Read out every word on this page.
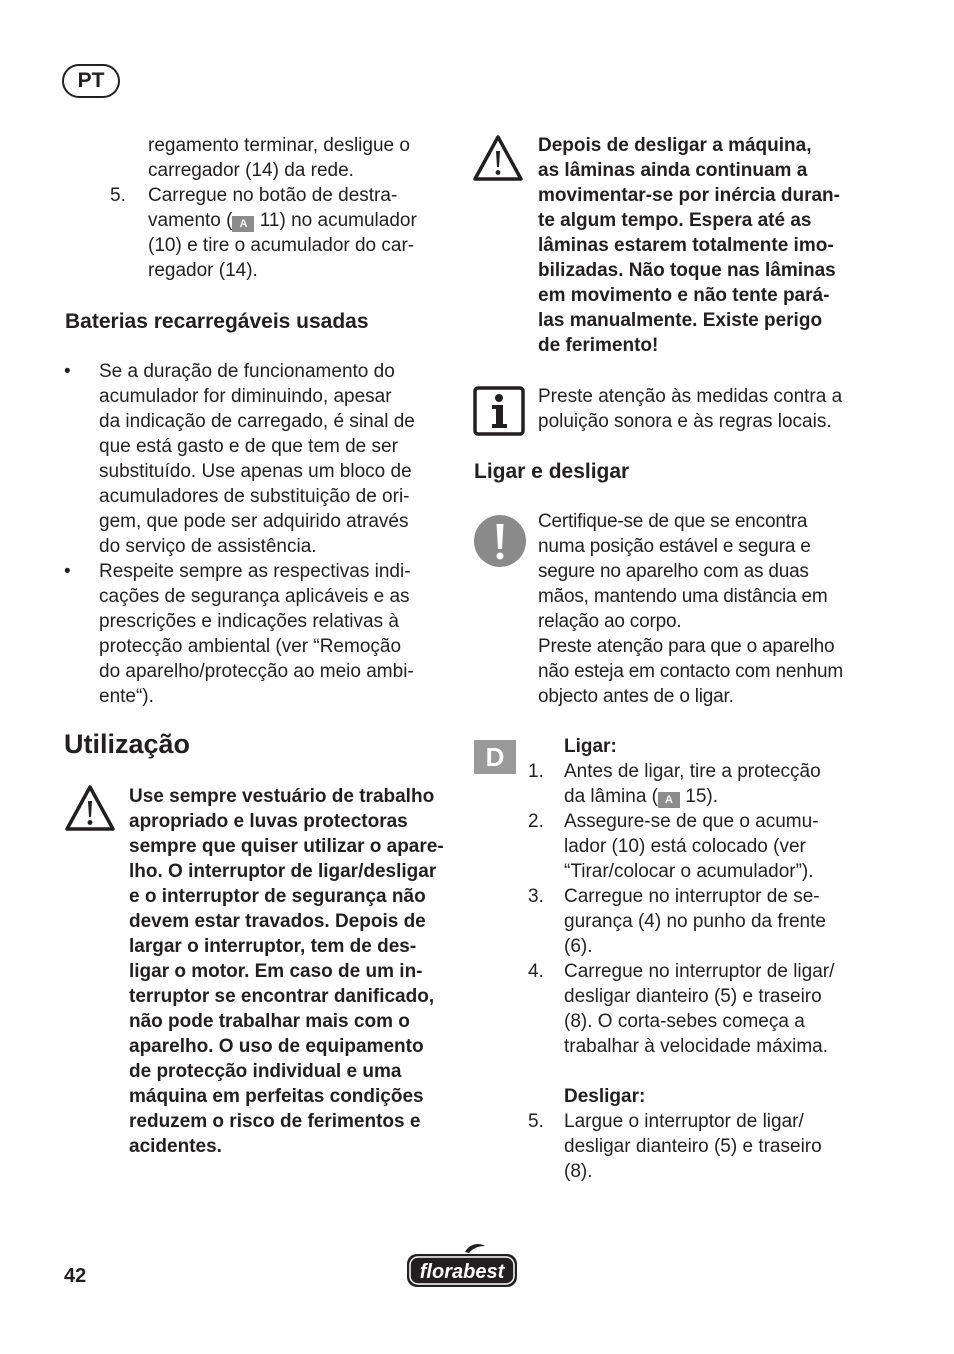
PT
regamento terminar, desligue o
carregador (14) da rede.
5. Carregue no botão de destra-
vamento ( A 11) no acumulador
(10) e tire o acumulador do car-
regador (14).
Baterias recarregáveis usadas
• Se a duração de funcionamento do
acumulador for diminuindo, apesar
da indicação de carregado, é sinal de
que está gasto e de que tem de ser
substituído. Use apenas um bloco de
acumuladores de substituição de ori-
gem, que pode ser adquirido através
do serviço de assistência.
• Respeite sempre as respectivas indi-
cações de segurança aplicáveis e as
prescrições e indicações relativas à
protecção ambiental (ver “Remoção
do aparelho/protecção ao meio ambi-
ente“).
Utilização
Use sempre vestuário de trabalho
apropriado e luvas protectoras
sempre que quiser utilizar o apare-
lho. O interruptor de ligar/desligar
e o interruptor de segurança não
devem estar travados. Depois de
largar o interruptor, tem de des-
ligar o motor. Em caso de um in-
terruptor se encontrar danificado,
não pode trabalhar mais com o
aparelho. O uso de equipamento
de protecção individual e uma
máquina em perfeitas condições
reduzem o risco de ferimentos e
acidentes.
Depois de desligar a máquina,
as lâminas ainda continuam a
movimentar-se por inércia duran-
te algum tempo. Espera até as
lâminas estarem totalmente imo-
bilizadas. Não toque nas lâminas
em movimento e não tente pará-
las manualmente. Existe perigo
de ferimento!
Preste atenção às medidas contra a
poluição sonora e às regras locais.
Ligar e desligar
Certifique-se de que se encontra
numa posição estável e segura e
segure no aparelho com as duas
mãos, mantendo uma distância em
relação ao corpo.
Preste atenção para que o aparelho
não esteja em contacto com nenhum
objecto antes de o ligar.
D	Ligar:
1. Antes de ligar, tire a protecção
da lâmina ( A 15).
2. Assegure-se de que o acumu-
lador (10) está colocado (ver
“Tirar/colocar o acumulador”).
3. Carregue no interruptor de se-
gurança (4) no punho da frente
(6).
4. Carregue no interruptor de ligar/
desligar dianteiro (5) e traseiro
(8). O corta-sebes começa a
trabalhar à velocidade máxima.
Desligar:
5. Largue o interruptor de ligar/
desligar dianteiro (5) e traseiro
(8).
42	florabest
